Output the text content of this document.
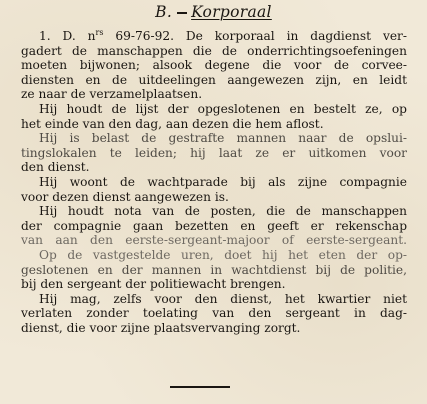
B. Korporaal
1. D. $n^{rs}$ 69-76-92. De korporaal in dagdienst ver-
gadert de manschappen die de onderrichtingsoefeningen
moeten bijwonen; alsook degene die voor de corvee-
diensten en de uitdeelingen aangewezen zijn, en leidt
ze naar de verzamelplaatsen.
Hij houdt de lijst der opgeslotenen en bestelt ze, op
het einde van den dag, aan dezen die hem aflost.
Hij is belast de gestrafte mannen naar de opslui-
tingslokalen te leiden; hij laat ze er uitkomen voor
den dienst.
Hij woont de wachtparade bij als zijne compagnie
voor dezen dienst aangewezen is.
Hij houdt nota van de posten, die de manschappen
der compagnie gaan bezetten en geeft er rekenschap
van aan den eerste-sergeant-majoor of eerste-sergeant.
Op de vastgestelde uren, doet hij het eten der op-
geslotenen en der mannen in wachtdienst bij de politie,
bij den sergeant der politiewacht brengen.
Hij mag, zelfs voor den dienst, het kwartier niet
verlaten zonder toelating van den sergeant in dag-
dienst, die voor zijne plaatsvervanging zorgt.
